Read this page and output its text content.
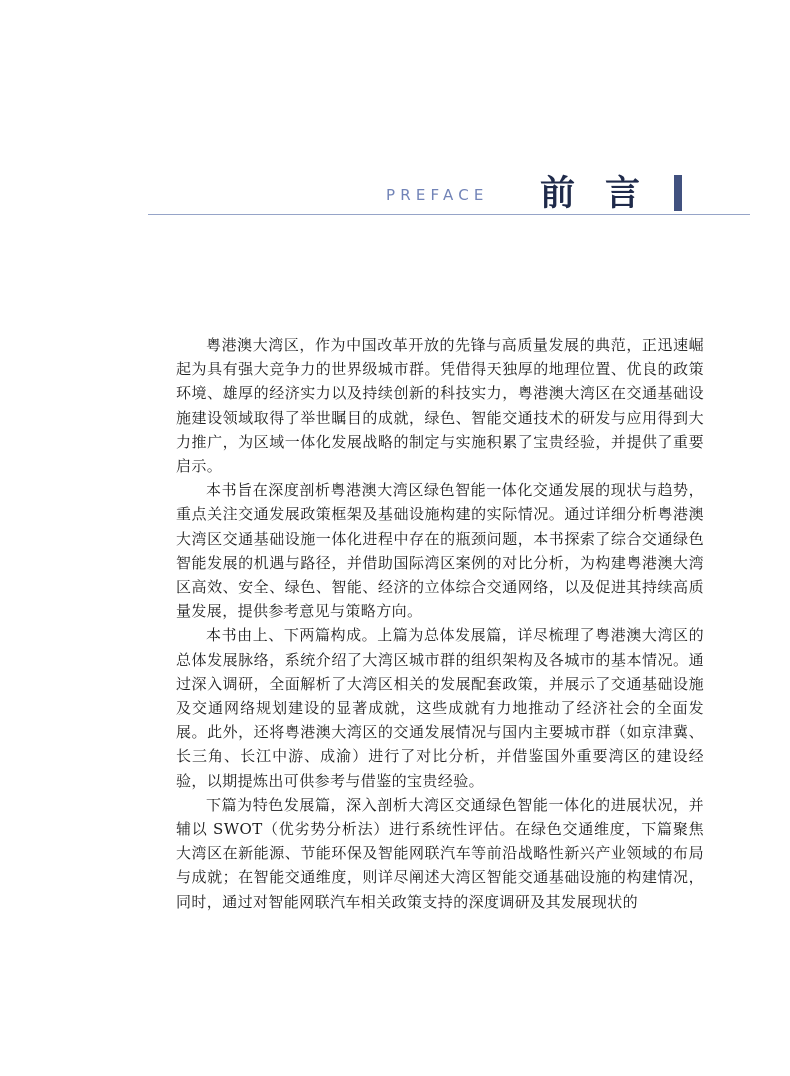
PREFACE 前言

粤港澳大湾区，作为中国改革开放的先锋与高质量发展的典范，正迅速崛起为具有强大竞争力的世界级城市群。凭借得天独厚的地理位置、优良的政策环境、雄厚的经济实力以及持续创新的科技实力，粤港澳大湾区在交通基础设施建设领域取得了举世瞩目的成就，绿色、智能交通技术的研发与应用得到大力推广，为区域一体化发展战略的制定与实施积累了宝贵经验，并提供了重要启示。

本书旨在深度剖析粤港澳大湾区绿色智能一体化交通发展的现状与趋势，重点关注交通发展政策框架及基础设施构建的实际情况。通过详细分析粤港澳大湾区交通基础设施一体化进程中存在的瓶颈问题，本书探索了综合交通绿色智能发展的机遇与路径，并借助国际湾区案例的对比分析，为构建粤港澳大湾区高效、安全、绿色、智能、经济的立体综合交通网络，以及促进其持续高质量发展，提供参考意见与策略方向。

本书由上、下两篇构成。上篇为总体发展篇，详尽梳理了粤港澳大湾区的总体发展脉络，系统介绍了大湾区城市群的组织架构及各城市的基本情况。通过深入调研，全面解析了大湾区相关的发展配套政策，并展示了交通基础设施及交通网络规划建设的显著成就，这些成就有力地推动了经济社会的全面发展。此外，还将粤港澳大湾区的交通发展情况与国内主要城市群（如京津冀、长三角、长江中游、成渝）进行了对比分析，并借鉴国外重要湾区的建设经验，以期提炼出可供参考与借鉴的宝贵经验。

下篇为特色发展篇，深入剖析大湾区交通绿色智能一体化的进展状况，并辅以 SWOT（优劣势分析法）进行系统性评估。在绿色交通维度，下篇聚焦大湾区在新能源、节能环保及智能网联汽车等前沿战略性新兴产业领域的布局与成就；在智能交通维度，则详尽阐述大湾区智能交通基础设施的构建情况，同时，通过对智能网联汽车相关政策支持的深度调研及其发展现状的
